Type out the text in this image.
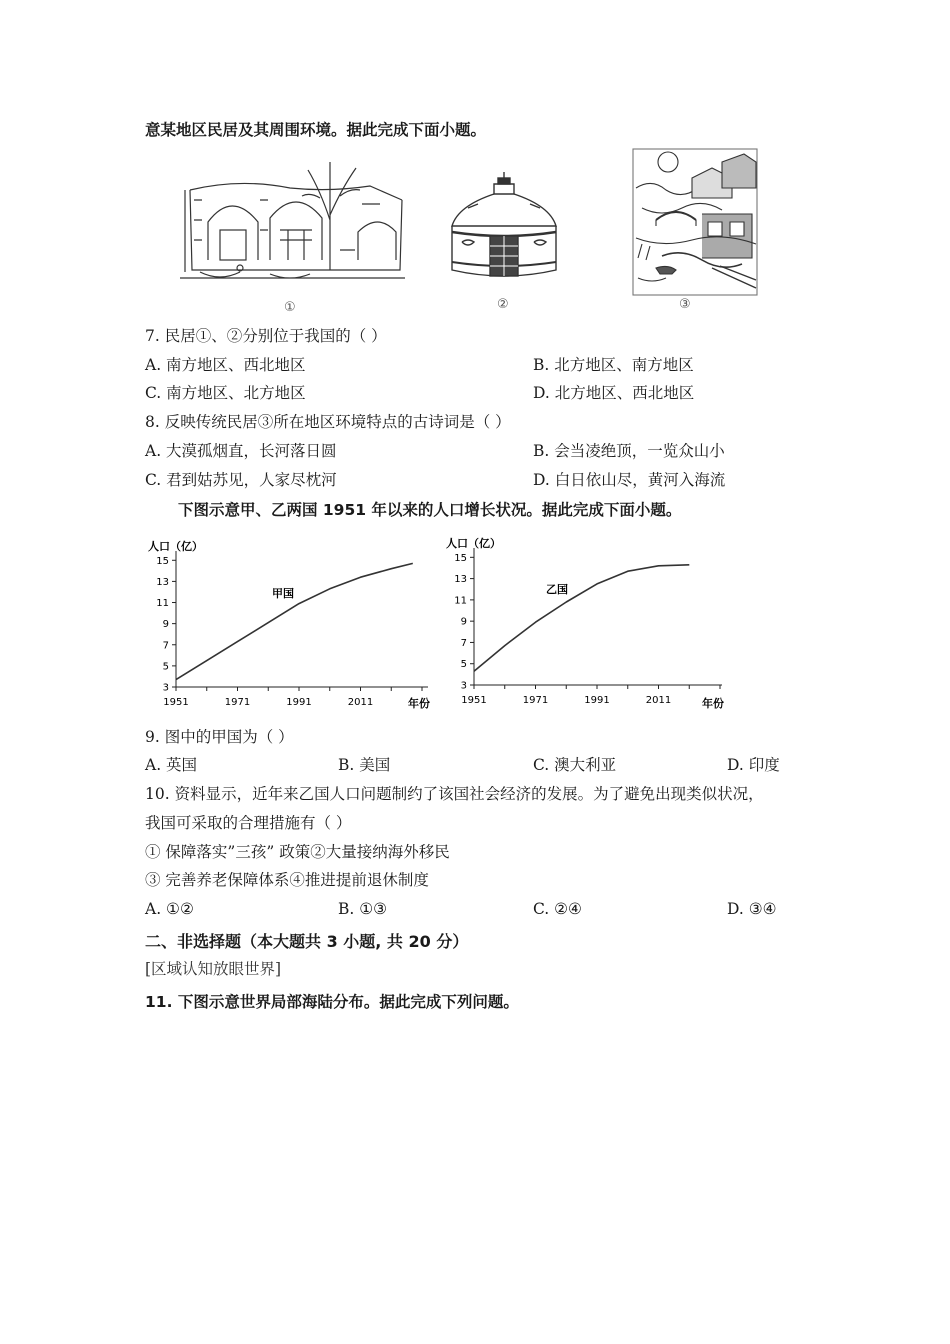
意某地区民居及其周围环境。据此完成下面小题。
①	②	③
7. 民居①、②分别位于我国的（ ）
A. 南方地区、西北地区	B. 北方地区、南方地区
C. 南方地区、北方地区	D. 北方地区、西北地区
8. 反映传统民居③所在地区环境特点的古诗词是（ ）
A. 大漠孤烟直，长河落日圆	B. 会当凌绝顶，一览众山小
C. 君到姑苏见，人家尽枕河	D. 白日依山尽，黄河入海流
下图示意甲、乙两国 1951 年以来的人口增长状况。据此完成下面小题。
人口（亿）
年份
甲国
3
5
7
9
11
13
15
1951	1971	1991	2011
人口（亿）
年份
乙国
3
5
7
9
11
13
15
1951	1971	1991	2011
9. 图中的甲国为（ ）
A. 英国	B. 美国	C. 澳大利亚	D. 印度
10. 资料显示，近年来乙国人口问题制约了该国社会经济的发展。为了避免出现类似状况，
我国可采取的合理措施有（ ）
① 保障落实”三孩” 政策②大量接纳海外移民
③ 完善养老保障体系④推进提前退休制度
A. ①②	B. ①③	C. ②④	D. ③④
二、非选择题（本大题共 3 小题, 共 20 分）
[区域认知放眼世界]
11. 下图示意世界局部海陆分布。据此完成下列问题。
